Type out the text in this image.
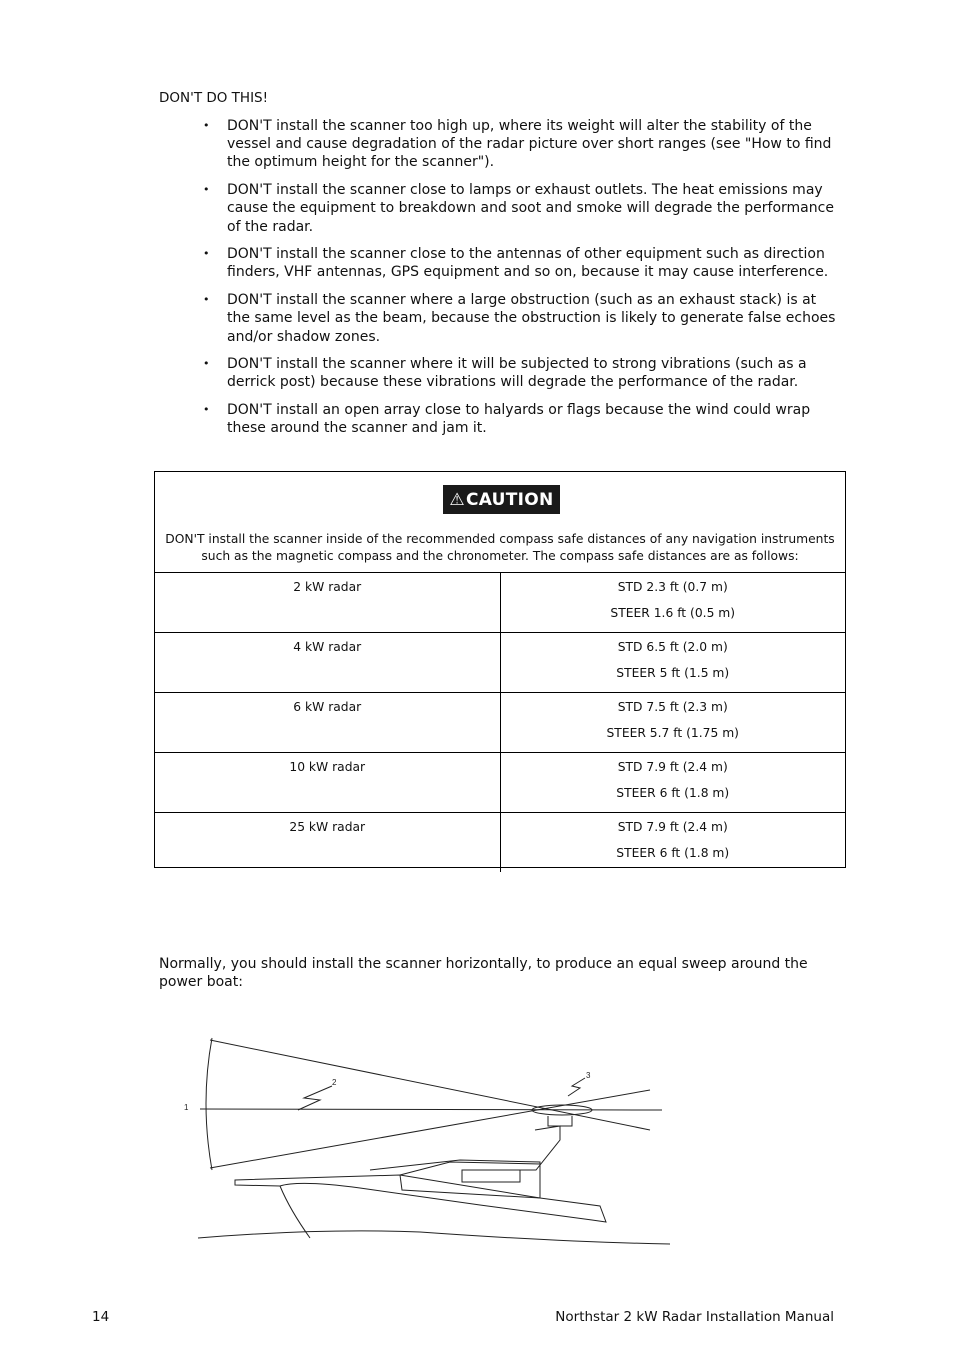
DON'T DO THIS!
• DON'T install the scanner too high up, where its weight will alter the stability of the vessel and cause degradation of the radar picture over short ranges (see "How to find the optimum height for the scanner").
• DON'T install the scanner close to lamps or exhaust outlets. The heat emissions may cause the equipment to breakdown and soot and smoke will degrade the performance of the radar.
• DON'T install the scanner close to the antennas of other equipment such as direction finders, VHF antennas, GPS equipment and so on, because it may cause interference.
• DON'T install the scanner where a large obstruction (such as an exhaust stack) is at the same level as the beam, because the obstruction is likely to generate false echoes and/or shadow zones.
• DON'T install the scanner where it will be subjected to strong vibrations (such as a derrick post) because these vibrations will degrade the performance of the radar.
• DON'T install an open array close to halyards or flags because the wind could wrap these around the scanner and jam it.
⚠ CAUTION
DON'T install the scanner inside of the recommended compass safe distances of any navigation instruments such as the magnetic compass and the chronometer. The compass safe distances are as follows:
2 kW radar	STD 2.3 ft (0.7 m)
STEER 1.6 ft (0.5 m)

4 kW radar	STD 6.5 ft (2.0 m)
STEER 5 ft (1.5 m)

6 kW radar	STD 7.5 ft (2.3 m)
STEER 5.7 ft (1.75 m)

10 kW radar	STD 7.9 ft (2.4 m)
STEER 6 ft (1.8 m)

25 kW radar	STD 7.9 ft (2.4 m)
STEER 6 ft (1.8 m)
Normally, you should install the scanner horizontally, to produce an equal sweep around the power boat:
1
2
3
14	Northstar 2 kW Radar Installation Manual
